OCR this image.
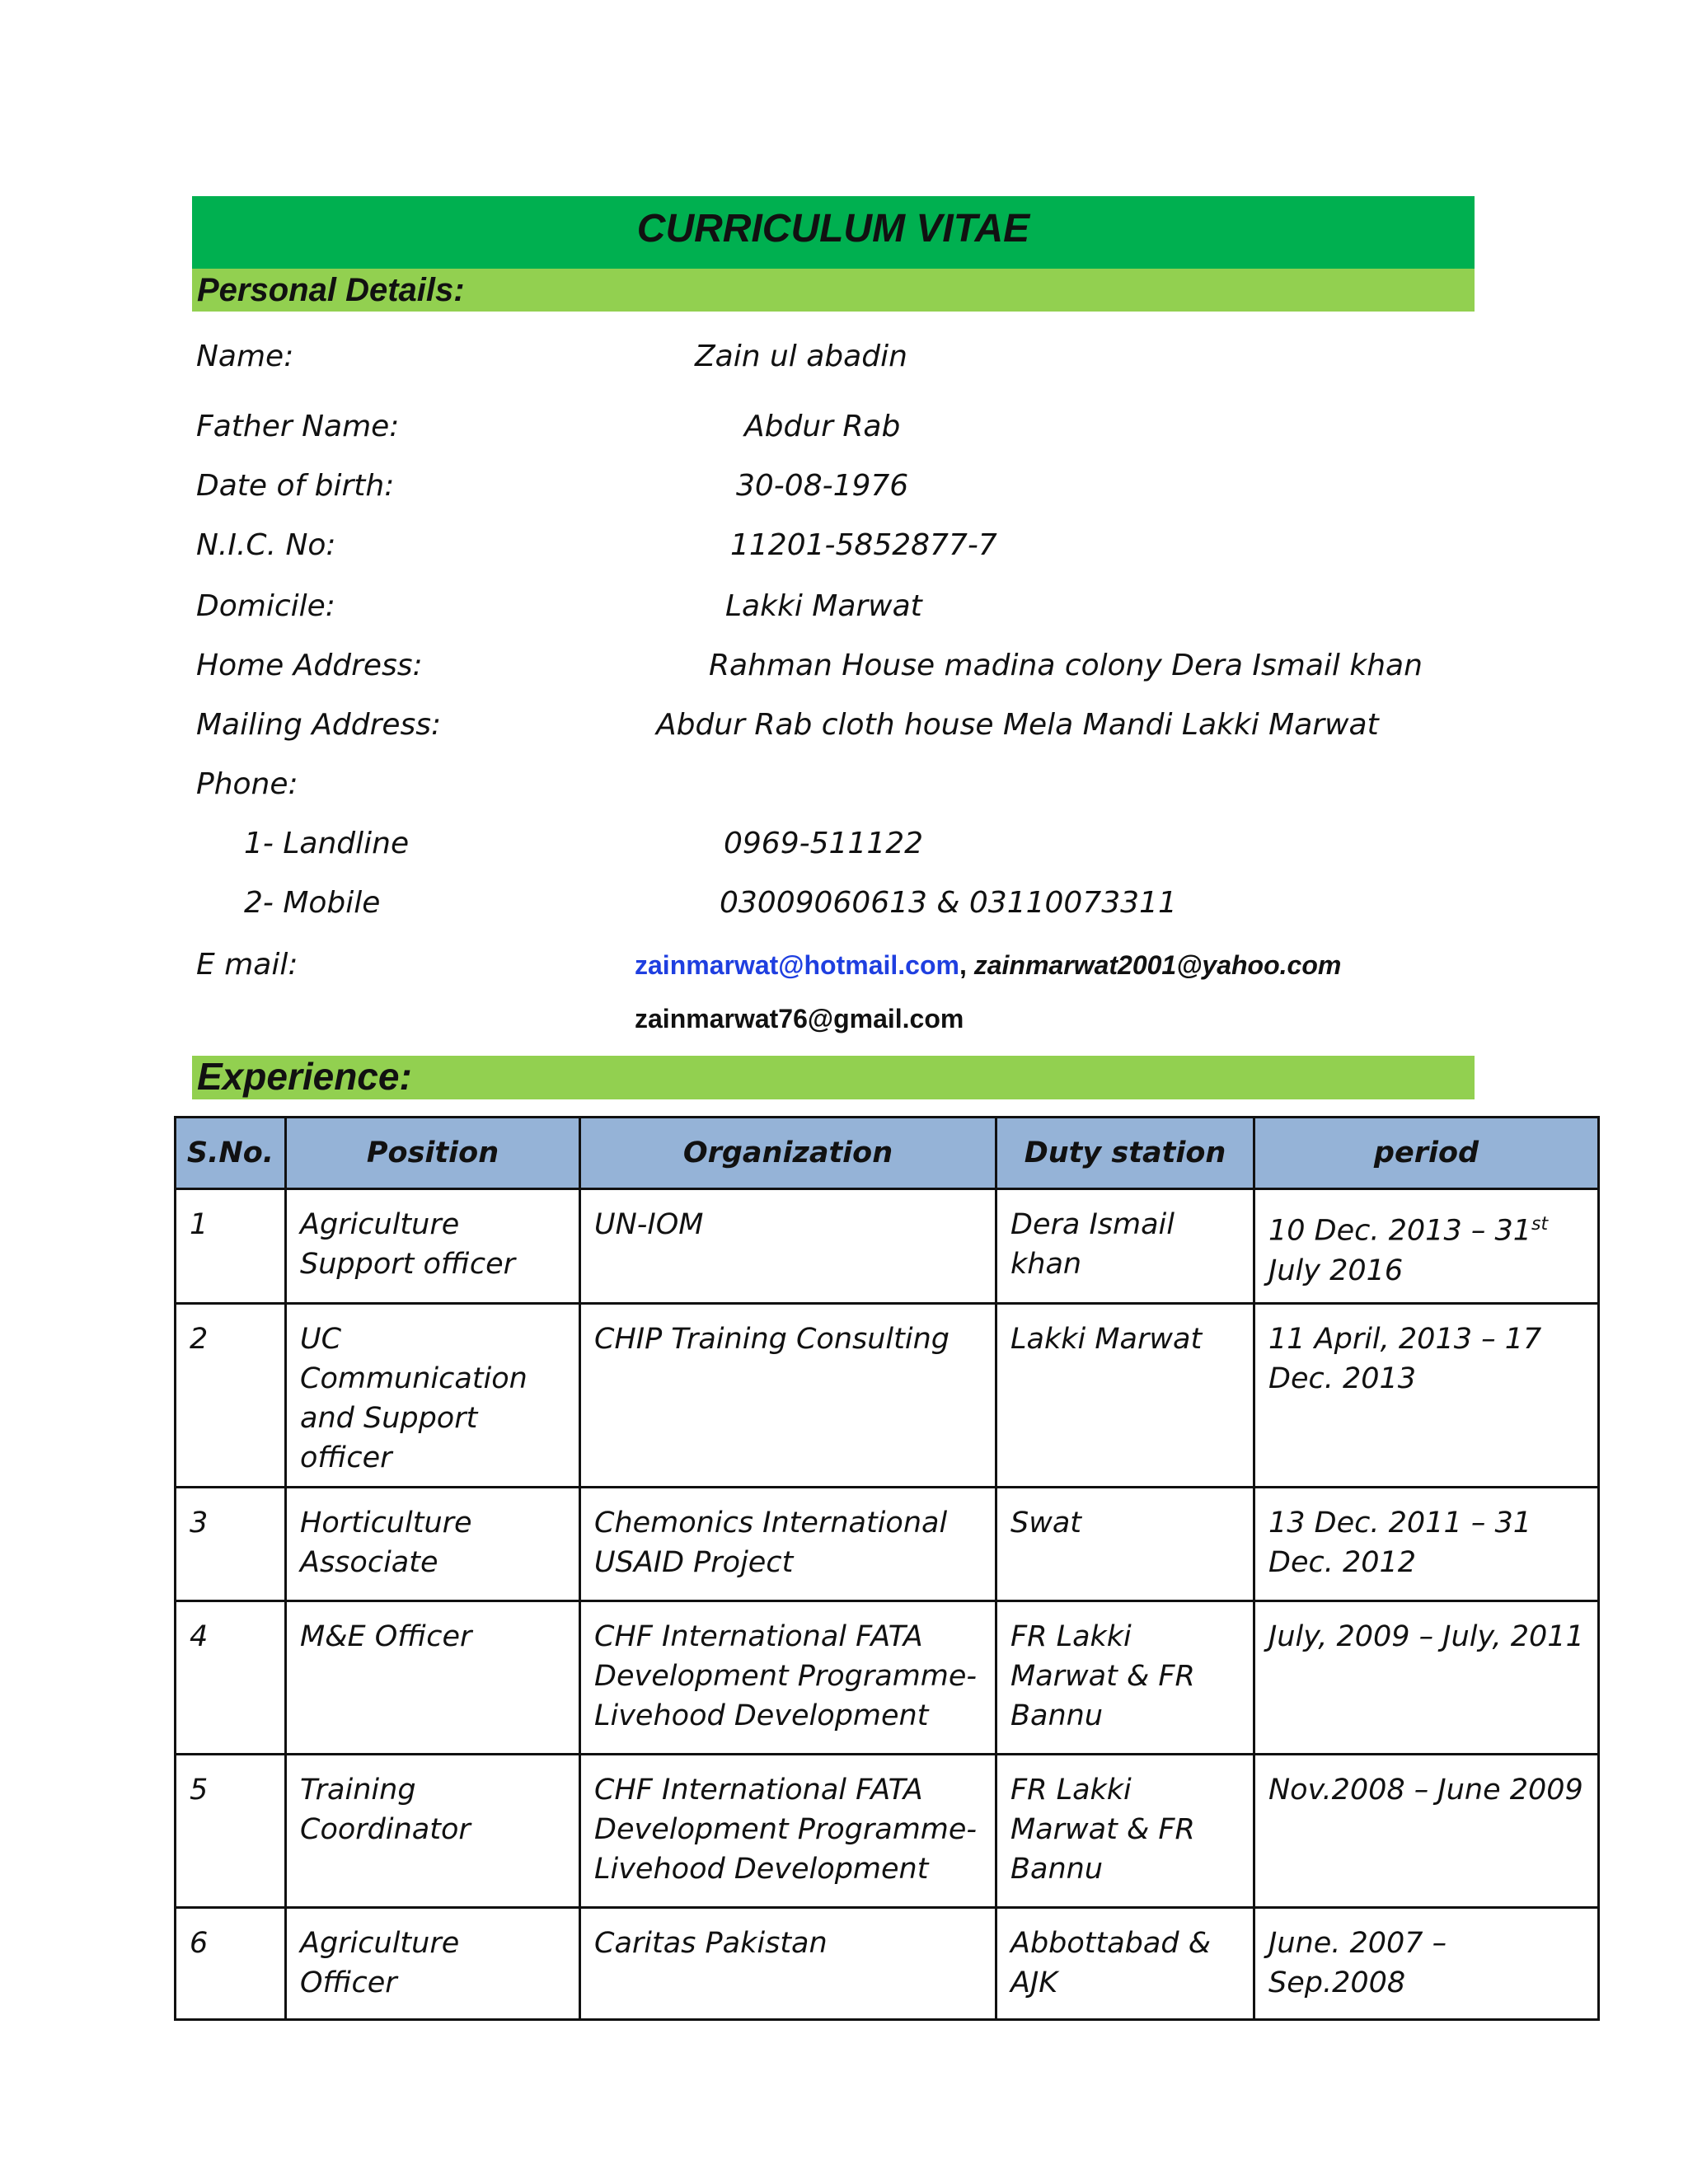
CURRICULUM VITAE
Personal Details:
Name:	Zain ul abadin
Father Name:	Abdur Rab
Date of birth:	30-08-1976
N.I.C. No:	11201-5852877-7
Domicile:	Lakki Marwat
Home Address:	Rahman House madina colony Dera Ismail khan
Mailing Address:	Abdur Rab cloth house Mela Mandi Lakki Marwat
Phone:
1- Landline	0969-511122
2- Mobile	03009060613 & 03110073311
E mail:	zainmarwat@hotmail.com, zainmarwat2001@yahoo.com
zainmarwat76@gmail.com
Experience:
S.No.	Position	Organization	Duty station	period
1	Agriculture Support officer	UN-IOM	Dera Ismail khan	10 Dec. 2013 – 31st July 2016
2	UC Communication and Support officer	CHIP Training Consulting	Lakki Marwat	11 April, 2013 – 17 Dec. 2013
3	Horticulture Associate	Chemonics International USAID Project	Swat	13 Dec. 2011 – 31 Dec. 2012
4	M&E Officer	CHF International FATA Development Programme-Livehood Development	FR Lakki Marwat & FR Bannu	July, 2009 – July, 2011
5	Training Coordinator	CHF International FATA Development Programme-Livehood Development	FR Lakki Marwat & FR Bannu	Nov.2008 – June 2009
6	Agriculture Officer	Caritas Pakistan	Abbottabad & AJK	June. 2007 – Sep.2008
